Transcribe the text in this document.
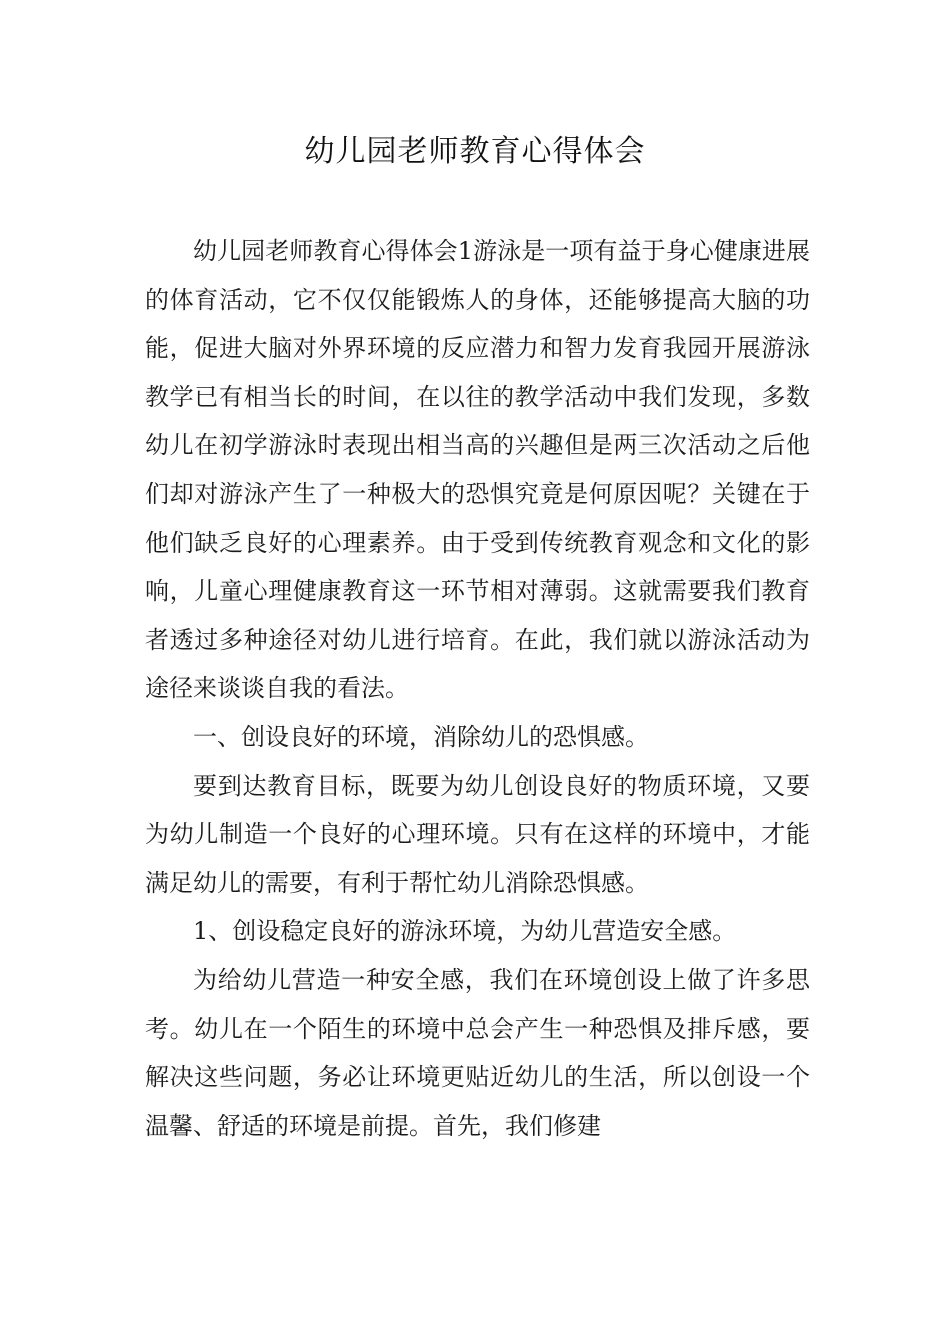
幼儿园老师教育心得体会

幼儿园老师教育心得体会1游泳是一项有益于身心健康进展的体育活动，它不仅仅能锻炼人的身体，还能够提高大脑的功能，促进大脑对外界环境的反应潜力和智力发育我园开展游泳教学已有相当长的时间，在以往的教学活动中我们发现，多数幼儿在初学游泳时表现出相当高的兴趣但是两三次活动之后他们却对游泳产生了一种极大的恐惧究竟是何原因呢？关键在于他们缺乏良好的心理素养。由于受到传统教育观念和文化的影响，儿童心理健康教育这一环节相对薄弱。这就需要我们教育者透过多种途径对幼儿进行培育。在此，我们就以游泳活动为途径来谈谈自我的看法。

一、创设良好的环境，消除幼儿的恐惧感。

要到达教育目标，既要为幼儿创设良好的物质环境，又要为幼儿制造一个良好的心理环境。只有在这样的环境中，才能满足幼儿的需要，有利于帮忙幼儿消除恐惧感。

1、创设稳定良好的游泳环境，为幼儿营造安全感。

为给幼儿营造一种安全感，我们在环境创设上做了许多思考。幼儿在一个陌生的环境中总会产生一种恐惧及排斥感，要解决这些问题，务必让环境更贴近幼儿的生活，所以创设一个温馨、舒适的环境是前提。首先，我们修建
